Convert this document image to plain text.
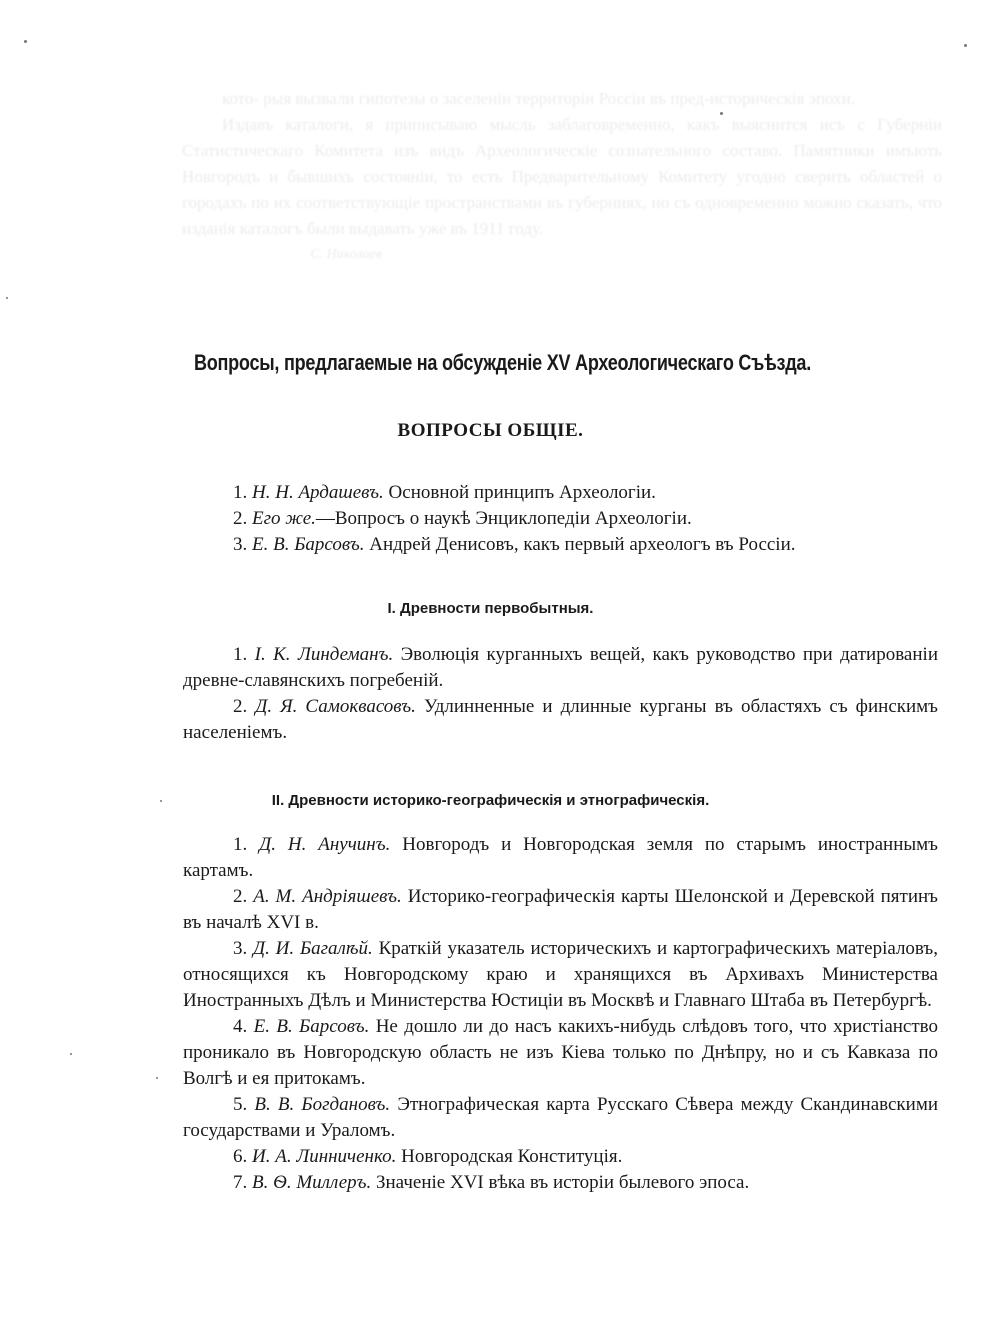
кото- рыя вызвали гипотезы о заселенiи территорiи Россiи въ пред-историческiя эпохи.

Издавъ каталоги, я приписываю мысль заблаговременно, какъ выяснится исъ с Губернiи Статистическаго Комитета изъ видъ Археологическiе сознательного составо. Памятники имъють Новгородъ и бывшихъ состоянiи, то есть Предварительному Комитету угодно сверить областей о городахъ по их соответствующiе пространствами въ губерниях, но съ одновременно можно сказать, что изданiя каталогъ были выдавать уже въ 1911 году.

С. Николаев

Вопросы, предлагаемые на обсужденіе XV Археологическаго Съѣзда.
ВОПРОСЫ ОБЩІЕ.

1. Н. Н. Ардашевъ. Основной принципъ Археологіи.

2. Его же.—Вопросъ о наукѣ Энциклопедіи Археологіи.

3. Е. В. Барсовъ. Андрей Денисовъ, какъ первый археологъ въ Россіи.

I. Древности первобытныя.

1. I. К. Линдеманъ. Эволюція курганныхъ вещей, какъ руководство при датированіи древне-славянскихъ погребеній.

2. Д. Я. Самоквасовъ. Удлинненные и длинные курганы въ областяхъ съ финскимъ населеніемъ.

II. Древности историко-географическія и этнографическія.

1. Д. Н. Анучинъ. Новгородъ и Новгородская земля по старымъ иностраннымъ картамъ.

2. А. М. Андріяшевъ. Историко-географическія карты Шелонской и Деревской пятинъ въ началѣ XVI в.

3. Д. И. Багалѣй. Краткій указатель историческихъ и картографическихъ матеріаловъ, относящихся къ Новгородскому краю и хранящихся въ Архивахъ Министерства Иностранныхъ Дѣлъ и Министерства Юстиціи въ Москвѣ и Главнаго Штаба въ Петербургѣ.

4. Е. В. Барсовъ. Не дошло ли до насъ какихъ-нибудь слѣдовъ того, что христіанство проникало въ Новгородскую область не изъ Кіева только по Днѣпру, но и съ Кавказа по Волгѣ и ея притокамъ.

5. В. В. Богдановъ. Этнографическая карта Русскаго Сѣвера между Скандинавскими государствами и Ураломъ.

6. И. А. Линниченко. Новгородская Конституція.

7. В. Ѳ. Миллеръ. Значеніе XVI вѣка въ исторіи былевого эпоса.
